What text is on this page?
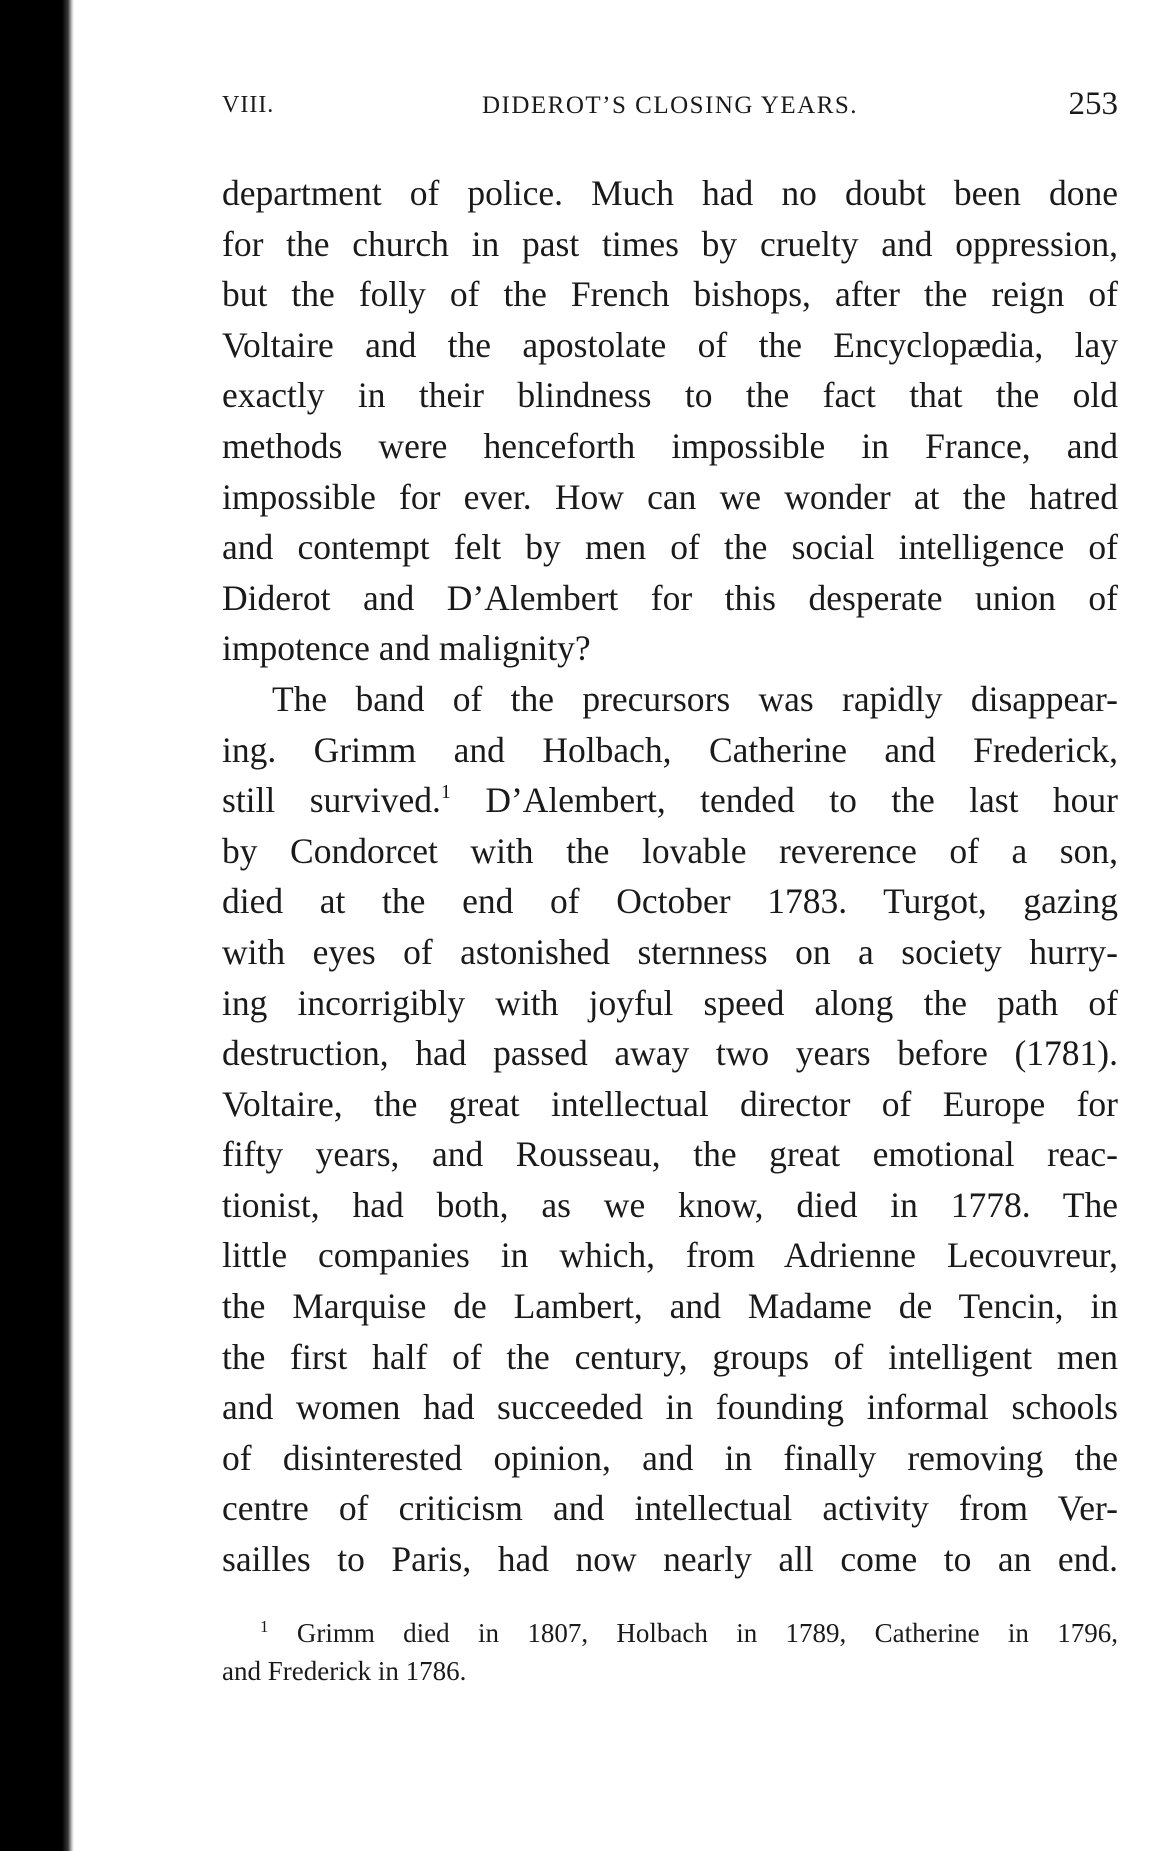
VIII.	DIDEROT’S CLOSING YEARS.	253
department of police. Much had no doubt been done
for the church in past times by cruelty and oppression,
but the folly of the French bishops, after the reign of
Voltaire and the apostolate of the Encyclopædia, lay
exactly in their blindness to the fact that the old
methods were henceforth impossible in France, and
impossible for ever. How can we wonder at the hatred
and contempt felt by men of the social intelligence of
Diderot and D’Alembert for this desperate union of
impotence and malignity?
The band of the precursors was rapidly disappear-
ing. Grimm and Holbach, Catherine and Frederick,
still survived.$^1$ D’Alembert, tended to the last hour
by Condorcet with the lovable reverence of a son,
died at the end of October 1783. Turgot, gazing
with eyes of astonished sternness on a society hurry-
ing incorrigibly with joyful speed along the path of
destruction, had passed away two years before (1781).
Voltaire, the great intellectual director of Europe for
fifty years, and Rousseau, the great emotional reac-
tionist, had both, as we know, died in 1778. The
little companies in which, from Adrienne Lecouvreur,
the Marquise de Lambert, and Madame de Tencin, in
the first half of the century, groups of intelligent men
and women had succeeded in founding informal schools
of disinterested opinion, and in finally removing the
centre of criticism and intellectual activity from Ver-
sailles to Paris, had now nearly all come to an end.
$^1$ Grimm died in 1807, Holbach in 1789, Catherine in 1796,
and Frederick in 1786.
